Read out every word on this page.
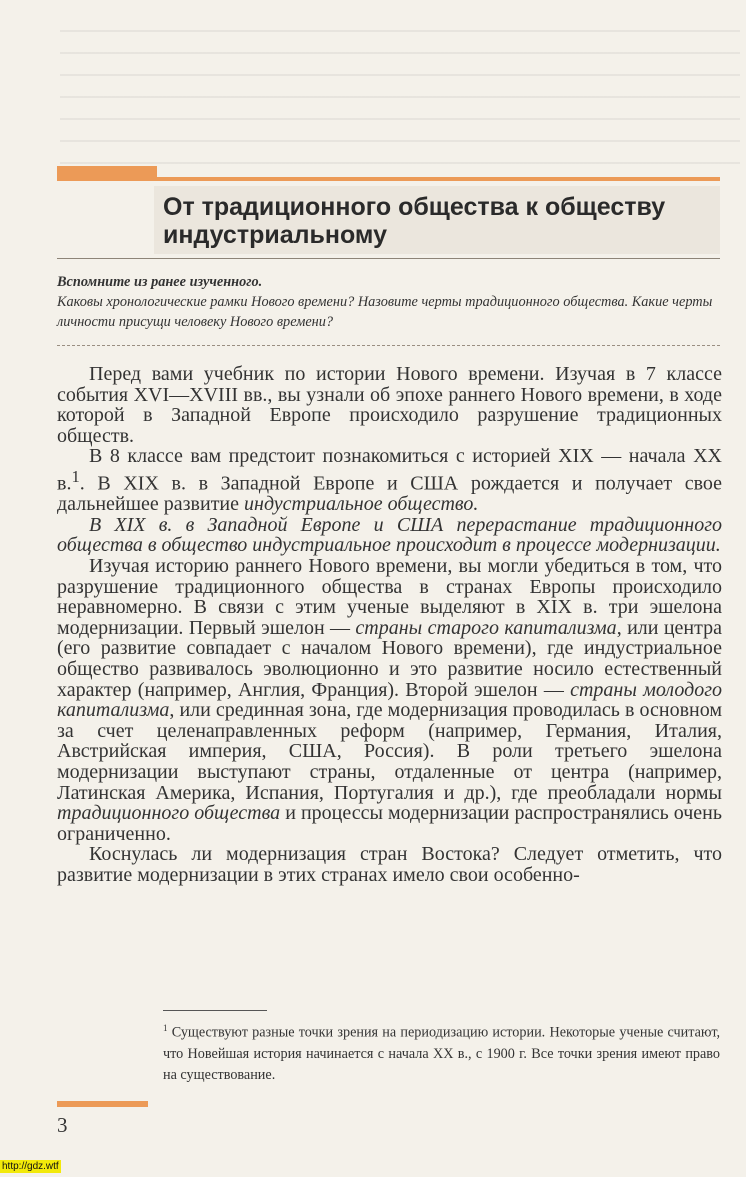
От традиционного общества к обществу индустриальному
Вспомните из ранее изученного.
Каковы хронологические рамки Нового времени? Назовите черты традиционного общества. Какие черты личности присущи человеку Нового времени?

Перед вами учебник по истории Нового времени. Изучая в 7 классе события XVI—XVIII вв., вы узнали об эпохе раннего Нового времени, в ходе которой в Западной Европе происходило разрушение традиционных обществ.

В 8 классе вам предстоит познакомиться с историей XIX — начала XX в.$^1$. В XIX в. в Западной Европе и США рождается и получает свое дальнейшее развитие индустриальное общество.

В XIX в. в Западной Европе и США перерастание традиционного общества в общество индустриальное происходит в процессе модернизации.

Изучая историю раннего Нового времени, вы могли убедиться в том, что разрушение традиционного общества в странах Европы происходило неравномерно. В связи с этим ученые выделяют в XIX в. три эшелона модернизации. Первый эшелон — страны старого капитализма, или центра (его развитие совпадает с началом Нового времени), где индустриальное общество развивалось эволюционно и это развитие носило естественный характер (например, Англия, Франция). Второй эшелон — страны молодого капитализма, или срединная зона, где модернизация проводилась в основном за счет целенаправленных реформ (например, Германия, Италия, Австрийская империя, США, Россия). В роли третьего эшелона модернизации выступают страны, отдаленные от центра (например, Латинская Америка, Испания, Португалия и др.), где преобладали нормы традиционного общества и процессы модернизации распространялись очень ограниченно.

Коснулась ли модернизация стран Востока? Следует отметить, что развитие модернизации в этих странах имело свои особенно-

$^1$ Существуют разные точки зрения на периодизацию истории. Некоторые ученые считают, что Новейшая история начинается с начала XX в., с 1900 г. Все точки зрения имеют право на существование.
3
http://gdz.wtf
